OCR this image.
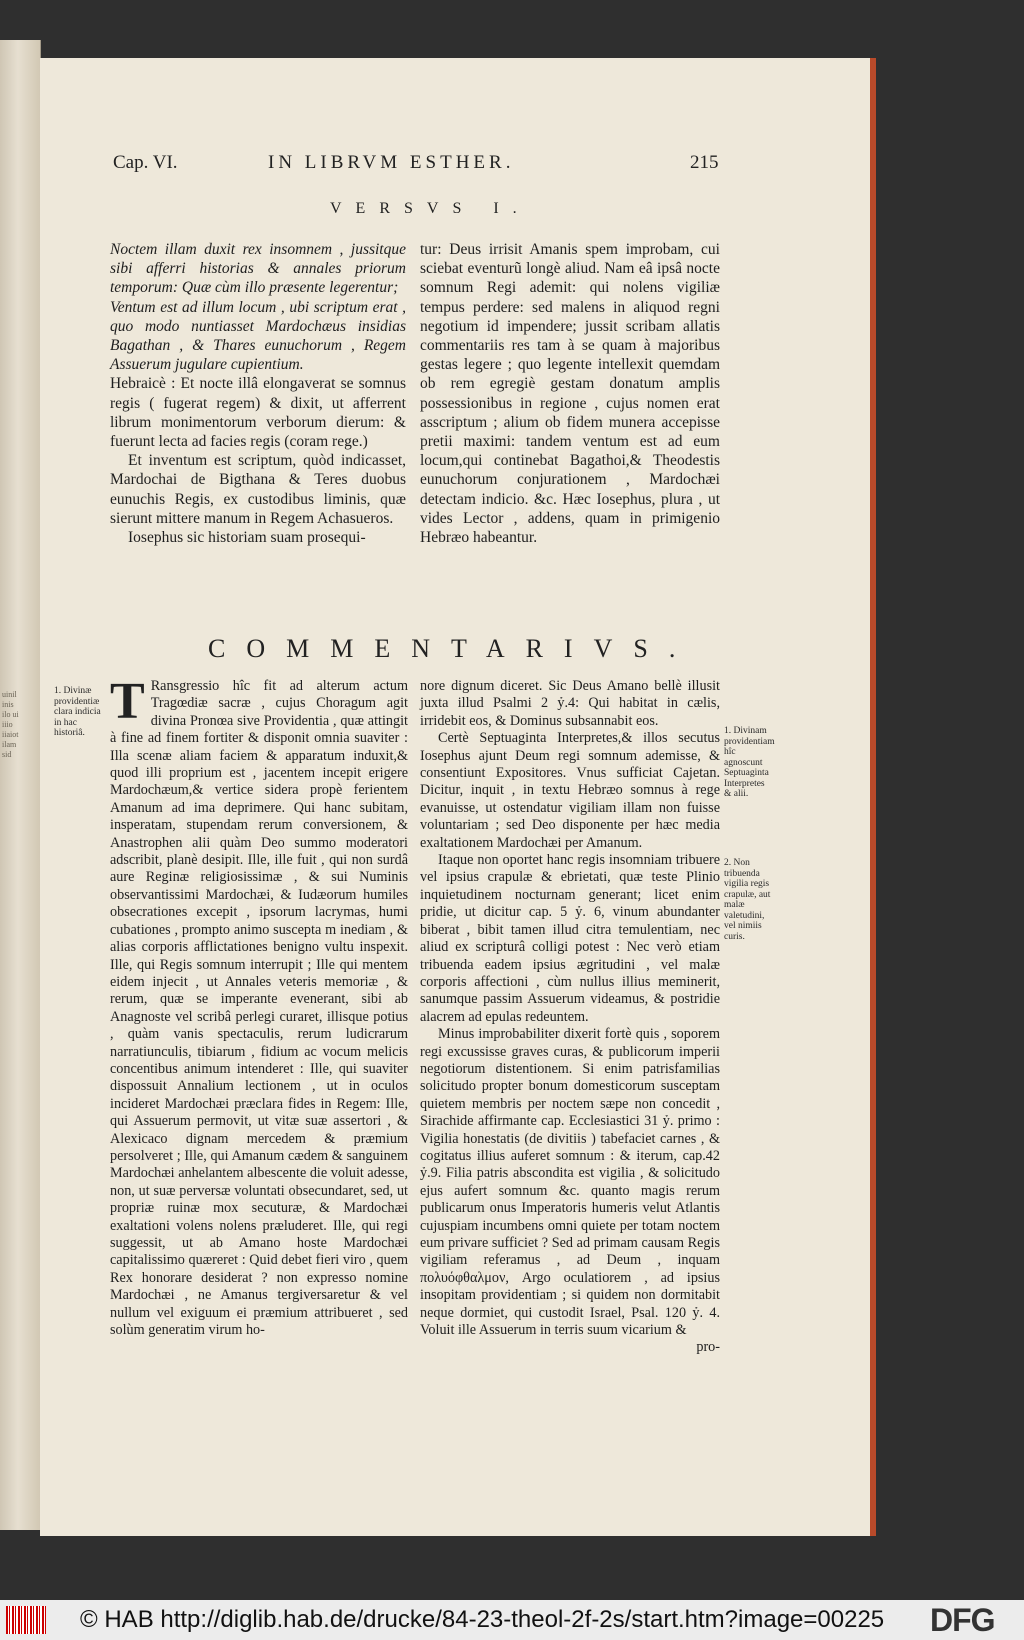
uinil
inis
ilo ui
iiio
iiaiot
ilam
sid
Cap. VI.	IN LIBRVM ESTHER.	215
VERSVS I.

Noctem illam duxit rex insomnem , jussitque sibi afferri historias & annales priorum temporum: Quæ cùm illo præsente legerentur;

Ventum est ad illum locum , ubi scriptum erat , quo modo nuntiasset Mardochæus insidias Bagathan , & Thares eunuchorum , Regem Assuerum jugulare cupientium.

Hebraicè : Et nocte illâ elongaverat se somnus regis ( fugerat regem) & dixit, ut afferrent librum monimentorum verborum dierum: & fuerunt lecta ad facies regis (coram rege.)

Et inventum est scriptum, quòd indicasset, Mardochai de Bigthana & Teres duobus eunuchis Regis, ex custodibus liminis, quæ sierunt mittere manum in Regem Achasueros.

Iosephus sic historiam suam prosequi-

tur: Deus irrisit Amanis spem improbam, cui sciebat eventurũ longè aliud. Nam eâ ipsâ nocte somnum Regi ademit: qui nolens vigiliæ tempus perdere: sed malens in aliquod regni negotium id impendere; jussit scribam allatis commentariis res tam à se quam à majoribus gestas legere ; quo legente intellexit quemdam ob rem egregiè gestam donatum amplis possessionibus in regione , cujus nomen erat asscriptum ; alium ob fidem munera accepisse pretii maximi: tandem ventum est ad eum locum,qui continebat Bagathoi,& Theodestis eunuchorum conjurationem , Mardochæi detectam indicio. &c. Hæc Iosephus, plura , ut vides Lector , addens, quam in primigenio Hebræo habeantur.

COMMENTARIVS.
1. Divinæ providentiæ clara indicia in hac historiâ.

T Ransgressio hîc fit ad alterum actum Tragœdiæ sacræ , cujus Choragum agit divina Pronœa sive Providentia , quæ attingit à fine ad finem fortiter & disponit omnia suaviter : Illa scenæ aliam faciem & apparatum induxit,& quod illi proprium est , jacentem incepit erigere Mardochæum,& vertice sidera propè ferientem Amanum ad ima deprimere. Qui hanc subitam, insperatam, stupendam rerum conversionem, & Anastrophen alii quàm Deo summo moderatori adscribit, planè desipit. Ille, ille fuit , qui non surdâ aure Reginæ religiosissimæ , & sui Numinis observantissimi Mardochæi, & Iudæorum humiles obsecrationes excepit , ipsorum lacrymas, humi cubationes , prompto animo suscepta m inediam , & alias corporis afflictationes benigno vultu inspexit. Ille, qui Regis somnum interrupit ; Ille qui mentem eidem injecit , ut Annales veteris memoriæ , & rerum, quæ se imperante evenerant, sibi ab Anagnoste vel scribâ perlegi curaret, illisque potius , quàm vanis spectaculis, rerum ludicrarum narratiunculis, tibiarum , fidium ac vocum melicis concentibus animum intenderet : Ille, qui suaviter dispossuit Annalium lectionem , ut in oculos incideret Mardochæi præclara fides in Regem: Ille, qui Assuerum permovit, ut vitæ suæ assertori , & Alexicaco dignam mercedem & præmium persolveret ; Ille, qui Amanum cædem & sanguinem Mardochæi anhelantem albescente die voluit adesse, non, ut suæ perversæ voluntati obsecundaret, sed, ut propriæ ruinæ mox secuturæ, & Mardochæi exaltationi volens nolens præluderet. Ille, qui regi suggessit, ut ab Amano hoste Mardochæi capitalissimo quæreret : Quid debet fieri viro , quem Rex honorare desiderat ? non expresso nomine Mardochæi , ne Amanus tergiversaretur & vel nullum vel exiguum ei præmium attribueret , sed solùm generatim virum ho-

nore dignum diceret. Sic Deus Amano bellè illusit juxta illud Psalmi 2 ỷ.4: Qui habitat in cælis, irridebit eos, & Dominus subsannabit eos.

Certè Septuaginta Interpretes,& illos secutus Iosephus ajunt Deum regi somnum ademisse, & consentiunt Expositores. Vnus sufficiat Cajetan. Dicitur, inquit , in textu Hebræo somnus à rege evanuisse, ut ostendatur vigiliam illam non fuisse voluntariam ; sed Deo disponente per hæc media exaltationem Mardochæi per Amanum.

Itaque non oportet hanc regis insomniam tribuere vel ipsius crapulæ & ebrietati, quæ teste Plinio inquietudinem nocturnam generant; licet enim pridie, ut dicitur cap. 5 ỷ. 6, vinum abundanter biberat , bibit tamen illud citra temulentiam, nec aliud ex scripturâ colligi potest : Nec verò etiam tribuenda eadem ipsius ægritudini , vel malæ corporis affectioni , cùm nullus illius meminerit, sanumque passim Assuerum videamus, & postridie alacrem ad epulas redeuntem.

Minus improbabiliter dixerit fortè quis , soporem regi excussisse graves curas, & publicorum imperii negotiorum distentionem. Si enim patrisfamilias solicitudo propter bonum domesticorum susceptam quietem membris per noctem sæpe non concedit , Sirachide affirmante cap. Ecclesiastici 31 ỷ. primo : Vigilia honestatis (de divitiis ) tabefaciet carnes , & cogitatus illius auferet somnum : & iterum, cap.42 ỷ.9. Filia patris abscondita est vigilia , & solicitudo ejus aufert somnum &c. quanto magis rerum publicarum onus Imperatoris humeris velut Atlantis cujuspiam incumbens omni quiete per totam noctem eum privare sufficiet ? Sed ad primam causam Regis vigiliam referamus , ad Deum , inquam πολυόφθαλμον, Argo oculatiorem , ad ipsius insopitam providentiam ; si quidem non dormitabit neque dormiet, qui custodit Israel, Psal. 120 ỷ. 4. Voluit ille Assuerum in terris suum vicarium &

pro-

1. Divinam providentiam hîc agnoscunt Septuaginta Interpretes & alii.
2. Non tribuenda vigilia regis crapulæ, aut malæ valetudini, vel nimiis curis.
© HAB http://diglib.hab.de/drucke/84-23-theol-2f-2s/start.htm?image=00225 DFG
